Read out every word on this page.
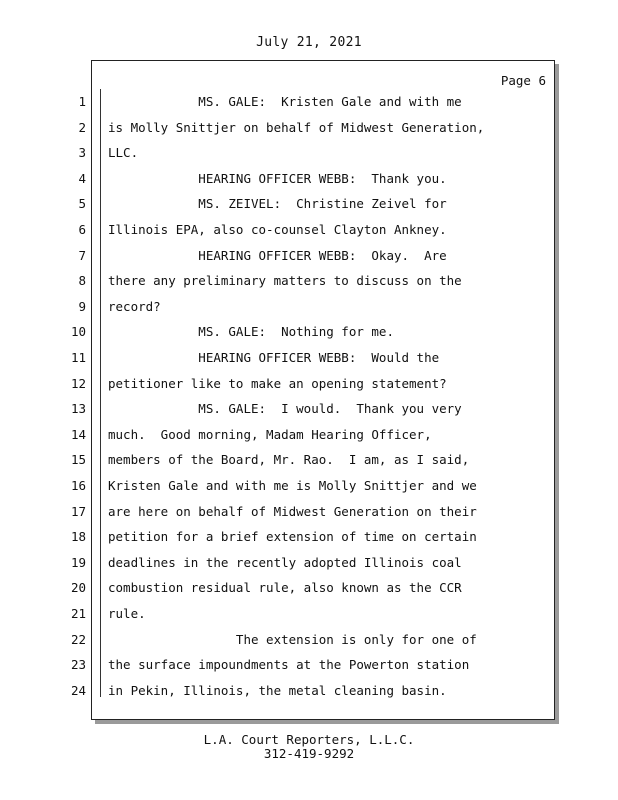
July 21, 2021
Page 6
1 MS. GALE:  Kristen Gale and with me
2 is Molly Snittjer on behalf of Midwest Generation,
3 LLC.
4 HEARING OFFICER WEBB:  Thank you.
5 MS. ZEIVEL:  Christine Zeivel for
6 Illinois EPA, also co-counsel Clayton Ankney.
7 HEARING OFFICER WEBB:  Okay.  Are
8 there any preliminary matters to discuss on the
9 record?
10 MS. GALE:  Nothing for me.
11 HEARING OFFICER WEBB:  Would the
12 petitioner like to make an opening statement?
13 MS. GALE:  I would.  Thank you very
14 much.  Good morning, Madam Hearing Officer,
15 members of the Board, Mr. Rao.  I am, as I said,
16 Kristen Gale and with me is Molly Snittjer and we
17 are here on behalf of Midwest Generation on their
18 petition for a brief extension of time on certain
19 deadlines in the recently adopted Illinois coal
20 combustion residual rule, also known as the CCR
21 rule.
22 The extension is only for one of
23 the surface impoundments at the Powerton station
24 in Pekin, Illinois, the metal cleaning basin.
L.A. Court Reporters, L.L.C.
312-419-9292
